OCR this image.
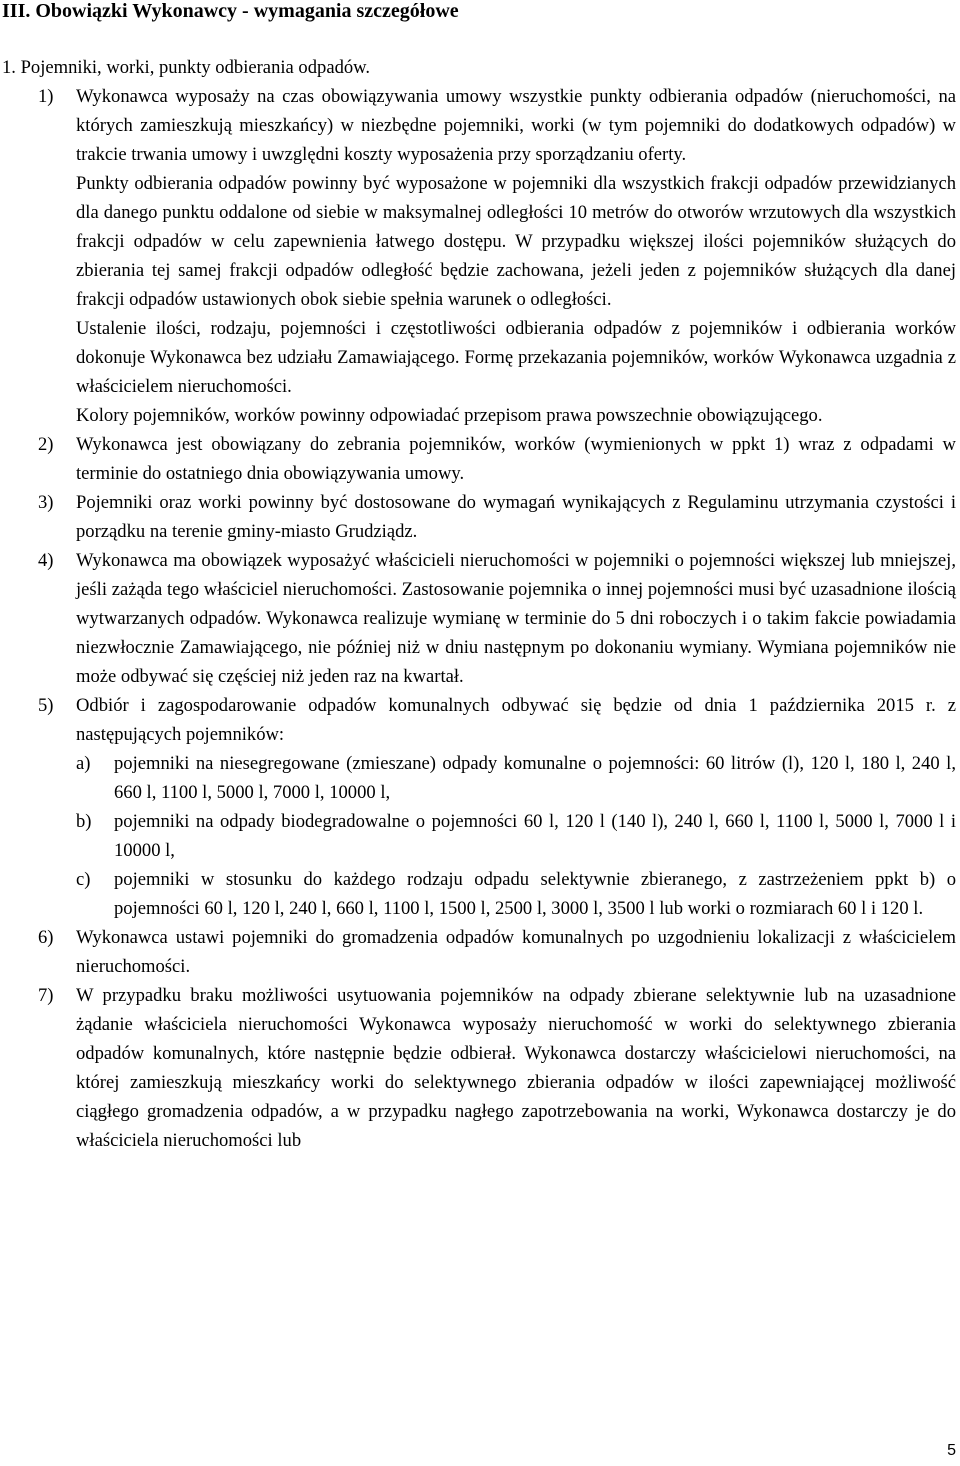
III. Obowiązki Wykonawcy - wymagania szczegółowe
1. Pojemniki, worki, punkty odbierania odpadów.
1) Wykonawca wyposaży na czas obowiązywania umowy wszystkie punkty odbierania odpadów (nieruchomości, na których zamieszkują mieszkańcy) w niezbędne pojemniki, worki (w tym pojemniki do dodatkowych odpadów) w trakcie trwania umowy i uwzględni koszty wyposażenia przy sporządzaniu oferty.
Punkty odbierania odpadów powinny być wyposażone w pojemniki dla wszystkich frakcji odpadów przewidzianych dla danego punktu oddalone od siebie w maksymalnej odległości 10 metrów do otworów wrzutowych dla wszystkich frakcji odpadów w celu zapewnienia łatwego dostępu. W przypadku większej ilości pojemników służących do zbierania tej samej frakcji odpadów odległość będzie zachowana, jeżeli jeden z pojemników służących dla danej frakcji odpadów ustawionych obok siebie spełnia warunek o odległości.
Ustalenie ilości, rodzaju, pojemności i częstotliwości odbierania odpadów z pojemników i odbierania worków dokonuje Wykonawca bez udziału Zamawiającego. Formę przekazania pojemników, worków Wykonawca uzgadnia z właścicielem nieruchomości.
Kolory pojemników, worków powinny odpowiadać przepisom prawa powszechnie obowiązującego.
2) Wykonawca jest obowiązany do zebrania pojemników, worków (wymienionych w ppkt 1) wraz z odpadami w terminie do ostatniego dnia obowiązywania umowy.
3) Pojemniki oraz worki powinny być dostosowane do wymagań wynikających z Regulaminu utrzymania czystości i porządku na terenie gminy-miasto Grudziądz.
4) Wykonawca ma obowiązek wyposażyć właścicieli nieruchomości w pojemniki o pojemności większej lub mniejszej, jeśli zażąda tego właściciel nieruchomości. Zastosowanie pojemnika o innej pojemności musi być uzasadnione ilością wytwarzanych odpadów. Wykonawca realizuje wymianę w terminie do 5 dni roboczych i o takim fakcie powiadamia niezwłocznie Zamawiającego, nie później niż w dniu następnym po dokonaniu wymiany. Wymiana pojemników nie może odbywać się częściej niż jeden raz na kwartał.
5) Odbiór i zagospodarowanie odpadów komunalnych odbywać się będzie od dnia 1 października 2015 r. z następujących pojemników:
a) pojemniki na niesegregowane (zmieszane) odpady komunalne o pojemności: 60 litrów (l), 120 l, 180 l, 240 l, 660 l, 1100 l, 5000 l, 7000 l, 10000 l,
b) pojemniki na odpady biodegradowalne o pojemności 60 l, 120 l (140 l), 240 l, 660 l, 1100 l, 5000 l, 7000 l i 10000 l,
c) pojemniki w stosunku do każdego rodzaju odpadu selektywnie zbieranego, z zastrzeżeniem ppkt b) o pojemności 60 l, 120 l, 240 l, 660 l, 1100 l, 1500 l, 2500 l, 3000 l, 3500 l lub worki o rozmiarach 60 l i 120 l.
6) Wykonawca ustawi pojemniki do gromadzenia odpadów komunalnych po uzgodnieniu lokalizacji z właścicielem nieruchomości.
7) W przypadku braku możliwości usytuowania pojemników na odpady zbierane selektywnie lub na uzasadnione żądanie właściciela nieruchomości Wykonawca wyposaży nieruchomość w worki do selektywnego zbierania odpadów komunalnych, które następnie będzie odbierał. Wykonawca dostarczy właścicielowi nieruchomości, na której zamieszkują mieszkańcy worki do selektywnego zbierania odpadów w ilości zapewniającej możliwość ciągłego gromadzenia odpadów, a w przypadku nagłego zapotrzebowania na worki, Wykonawca dostarczy je do właściciela nieruchomości lub
5
